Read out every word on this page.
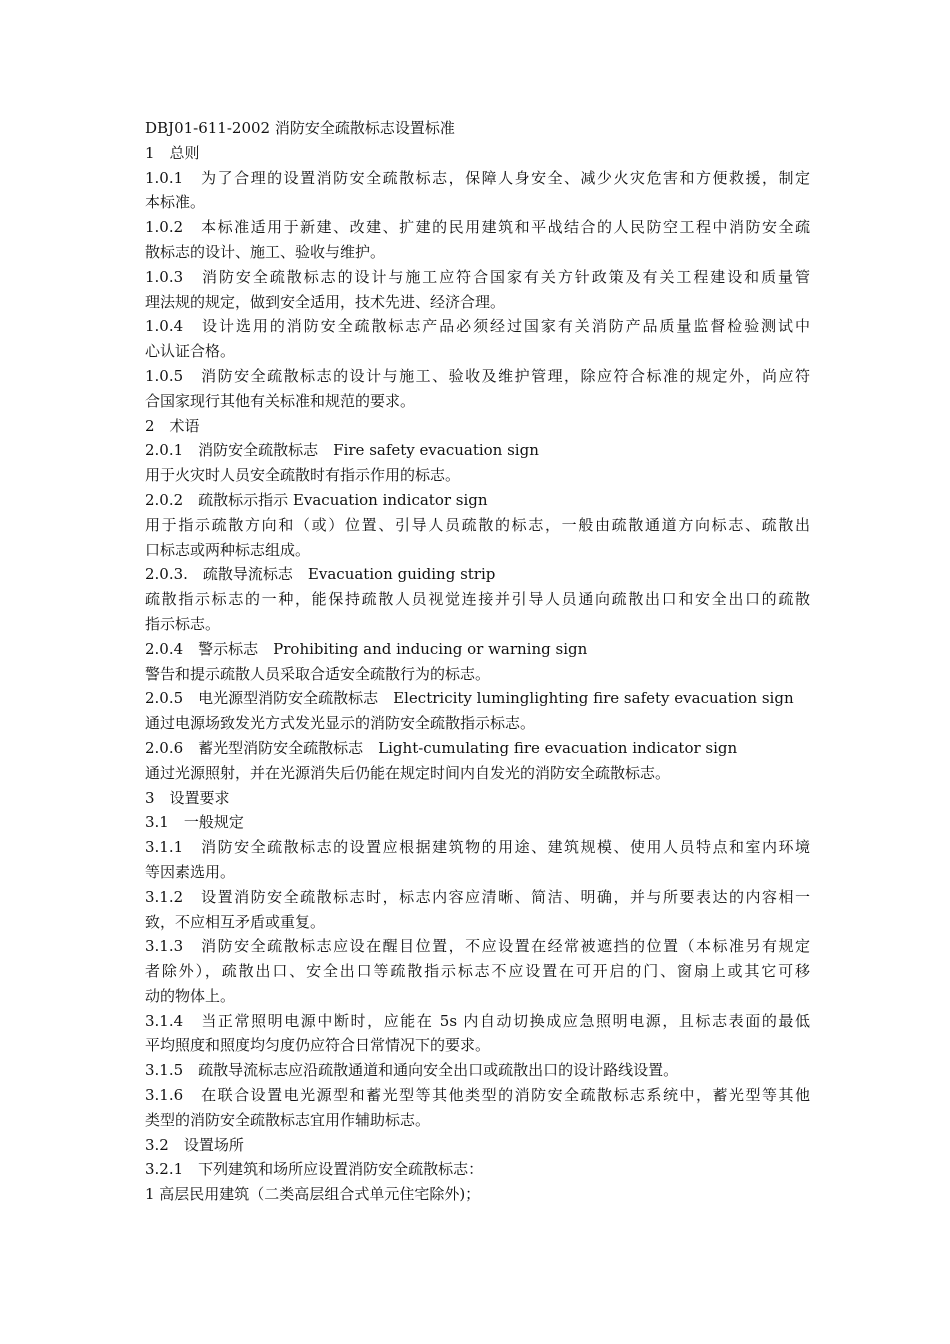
DBJ01-611-2002 消防安全疏散标志设置标准
1　总则
1.0.1　为了合理的设置消防安全疏散标志，保障人身安全、减少火灾危害和方便救援，制定
本标准。
1.0.2　本标准适用于新建、改建、扩建的民用建筑和平战结合的人民防空工程中消防安全疏
散标志的设计、施工、验收与维护。
1.0.3　消防安全疏散标志的设计与施工应符合国家有关方针政策及有关工程建设和质量管
理法规的规定，做到安全适用，技术先进、经济合理。
1.0.4　设计选用的消防安全疏散标志产品必须经过国家有关消防产品质量监督检验测试中
心认证合格。
1.0.5　消防安全疏散标志的设计与施工、验收及维护管理，除应符合标准的规定外，尚应符
合国家现行其他有关标准和规范的要求。
2　术语
2.0.1　消防安全疏散标志　Fire safety evacuation sign
用于火灾时人员安全疏散时有指示作用的标志。
2.0.2　疏散标示指示 Evacuation indicator sign
用于指示疏散方向和（或）位置、引导人员疏散的标志，一般由疏散通道方向标志、疏散出
口标志或两种标志组成。
2.0.3.　疏散导流标志　Evacuation guiding strip
疏散指示标志的一种，能保持疏散人员视觉连接并引导人员通向疏散出口和安全出口的疏散
指示标志。
2.0.4　警示标志　Prohibiting and inducing or warning sign
警告和提示疏散人员采取合适安全疏散行为的标志。
2.0.5　电光源型消防安全疏散标志　Electricity luminglighting fire safety evacuation sign
通过电源场致发光方式发光显示的消防安全疏散指示标志。
2.0.6　蓄光型消防安全疏散标志　Light-cumulating fire evacuation indicator sign
通过光源照射，并在光源消失后仍能在规定时间内自发光的消防安全疏散标志。
3　设置要求
3.1　一般规定
3.1.1　消防安全疏散标志的设置应根据建筑物的用途、建筑规模、使用人员特点和室内环境
等因素选用。
3.1.2　设置消防安全疏散标志时，标志内容应清晰、简洁、明确，并与所要表达的内容相一
致，不应相互矛盾或重复。
3.1.3　消防安全疏散标志应设在醒目位置，不应设置在经常被遮挡的位置（本标准另有规定
者除外），疏散出口、安全出口等疏散指示标志不应设置在可开启的门、窗扇上或其它可移
动的物体上。
3.1.4　当正常照明电源中断时，应能在 5s 内自动切换成应急照明电源，且标志表面的最低
平均照度和照度均匀度仍应符合日常情况下的要求。
3.1.5　疏散导流标志应沿疏散通道和通向安全出口或疏散出口的设计路线设置。
3.1.6　在联合设置电光源型和蓄光型等其他类型的消防安全疏散标志系统中，蓄光型等其他
类型的消防安全疏散标志宜用作辅助标志。
3.2　设置场所
3.2.1　下列建筑和场所应设置消防安全疏散标志：
1 高层民用建筑（二类高层组合式单元住宅除外)；
